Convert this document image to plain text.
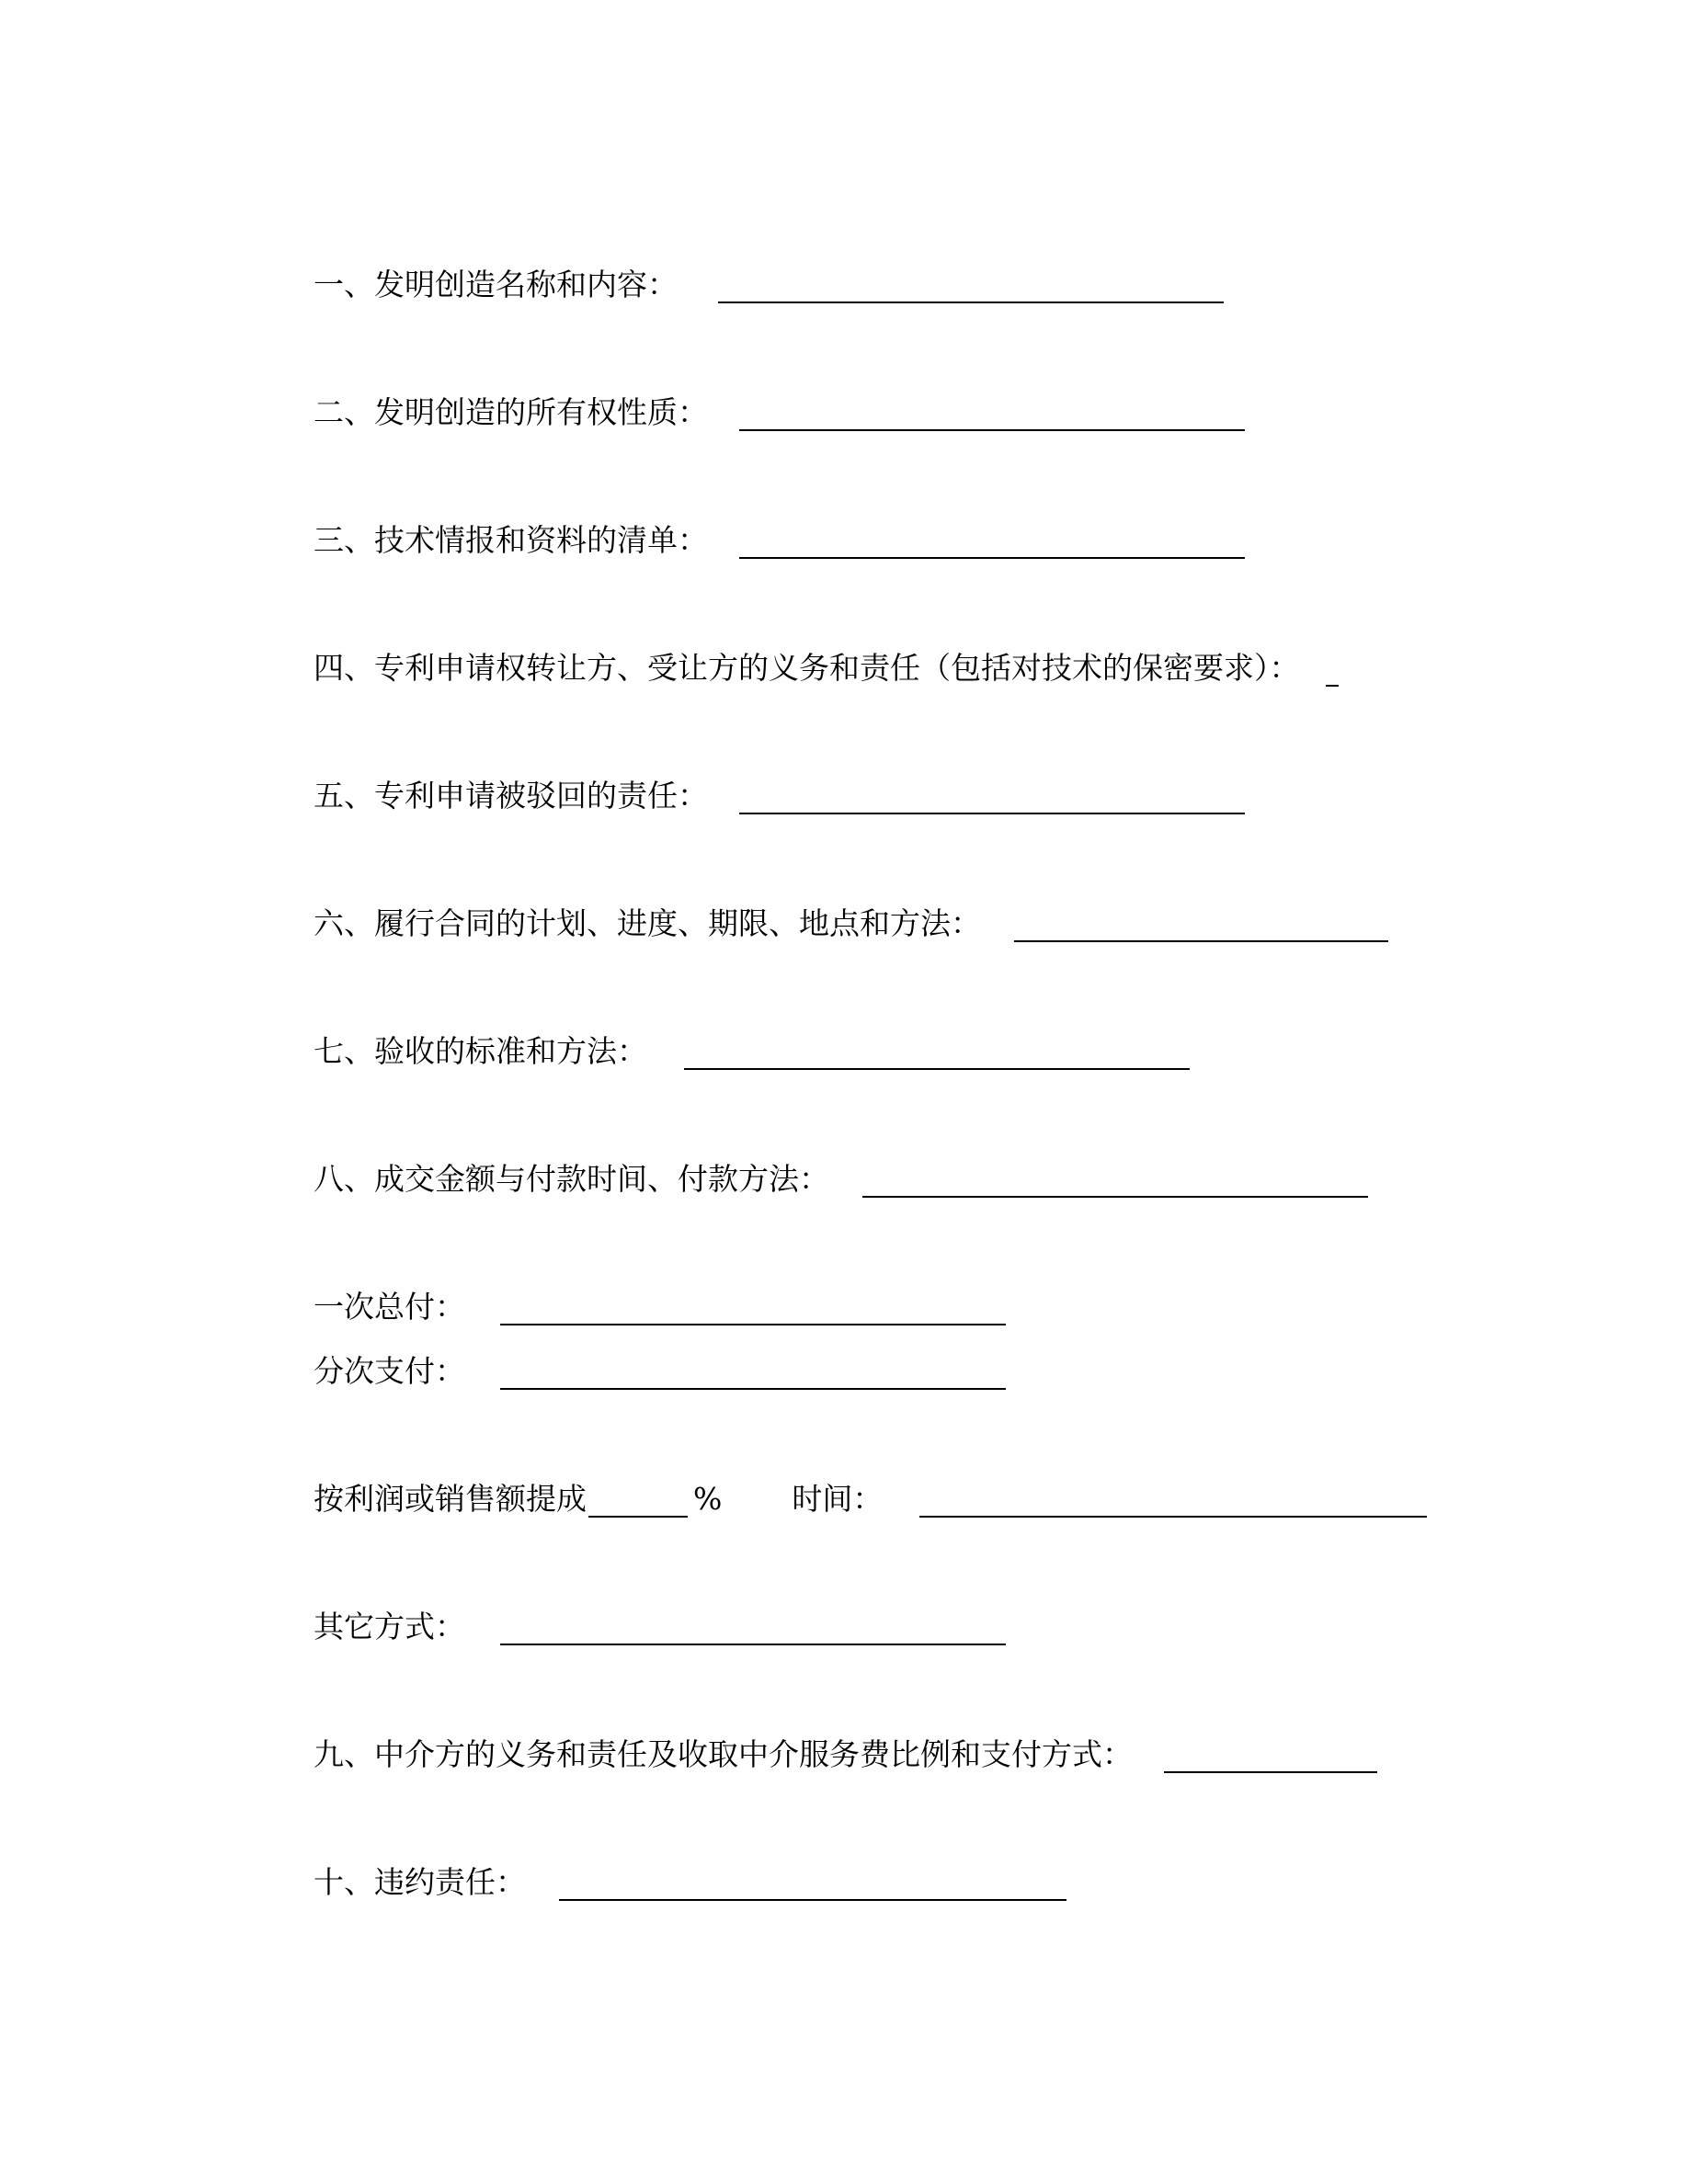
一、发明创造名称和内容：
二、发明创造的所有权性质：
三、技术情报和资料的清单：
四、专利申请权转让方、受让方的义务和责任（包括对技术的保密要求）：
五、专利申请被驳回的责任：
六、履行合同的计划、进度、期限、地点和方法：
七、验收的标准和方法：
八、成交金额与付款时间、付款方法：
一次总付：
分次支付：
按利润或销售额提成	% 时间：
其它方式：
九、中介方的义务和责任及收取中介服务费比例和支付方式：
十、违约责任：
